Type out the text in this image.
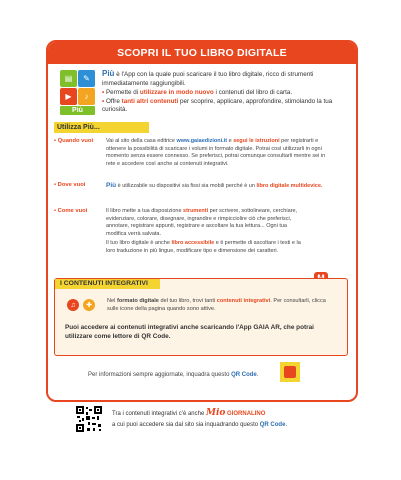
SCOPRI IL TUO LIBRO DIGITALE
▤	✎
▶	♪
Più
Più è l'App con la quale puoi scaricare il tuo libro digitale, ricco di strumenti immediatamente raggiungibili.
• Permette di utilizzare in modo nuovo i contenuti del libro di carta.
• Offre tanti altri contenuti per scoprire, applicare, approfondire, stimolando la tua curiosità.
Utilizza Più...
• Quando vuoi Vai al sito della casa editrice www.gaiaedizioni.it e segui le istruzioni per registrarti e ottenere la possibilità di scaricare i volumi in formato digitale. Potrai così utilizzarli in ogni momento senza essere connesso. Se preferisci, potrai comunque consultarli mentre sei in rete e accedere così anche ai contenuti integrativi.
• Dove vuoi	Più è utilizzabile su dispositivi sia fissi sia mobili perché è un libro digitale multidevice.
• Come vuoi	Il libro mette a tua disposizione strumenti per scrivere, sottolineare, cerchiare, evidenziare, colorare, disegnare, ingrandire e rimpicciolire ciò che preferisci, annotare, registrare appunti, registrare e ascoltare la tua lettura... Ogni tua modifica verrà salvata.
Il tuo libro digitale è anche libro accessibile e ti permette di ascoltare i testi e la loro traduzione in più lingue, modificare tipo e dimensione dei caratteri.
I CONTENUTI INTEGRATIVI
♫	✚
Nel formato digitale del tuo libro, trovi tanti contenuti integrativi. Per consultarli, clicca sulle icone della pagina quando sono attive.
Puoi accedere ai contenuti integrativi anche scaricando l'App GAIA AR, che potrai utilizzare come lettore di QR Code.
Per informazioni sempre aggiornate, inquadra questo QR Code.
Tra i contenuti integrativi c'è anche Mio GIORNALINO
a cui puoi accedere sia dal sito sia inquadrando questo QR Code.
